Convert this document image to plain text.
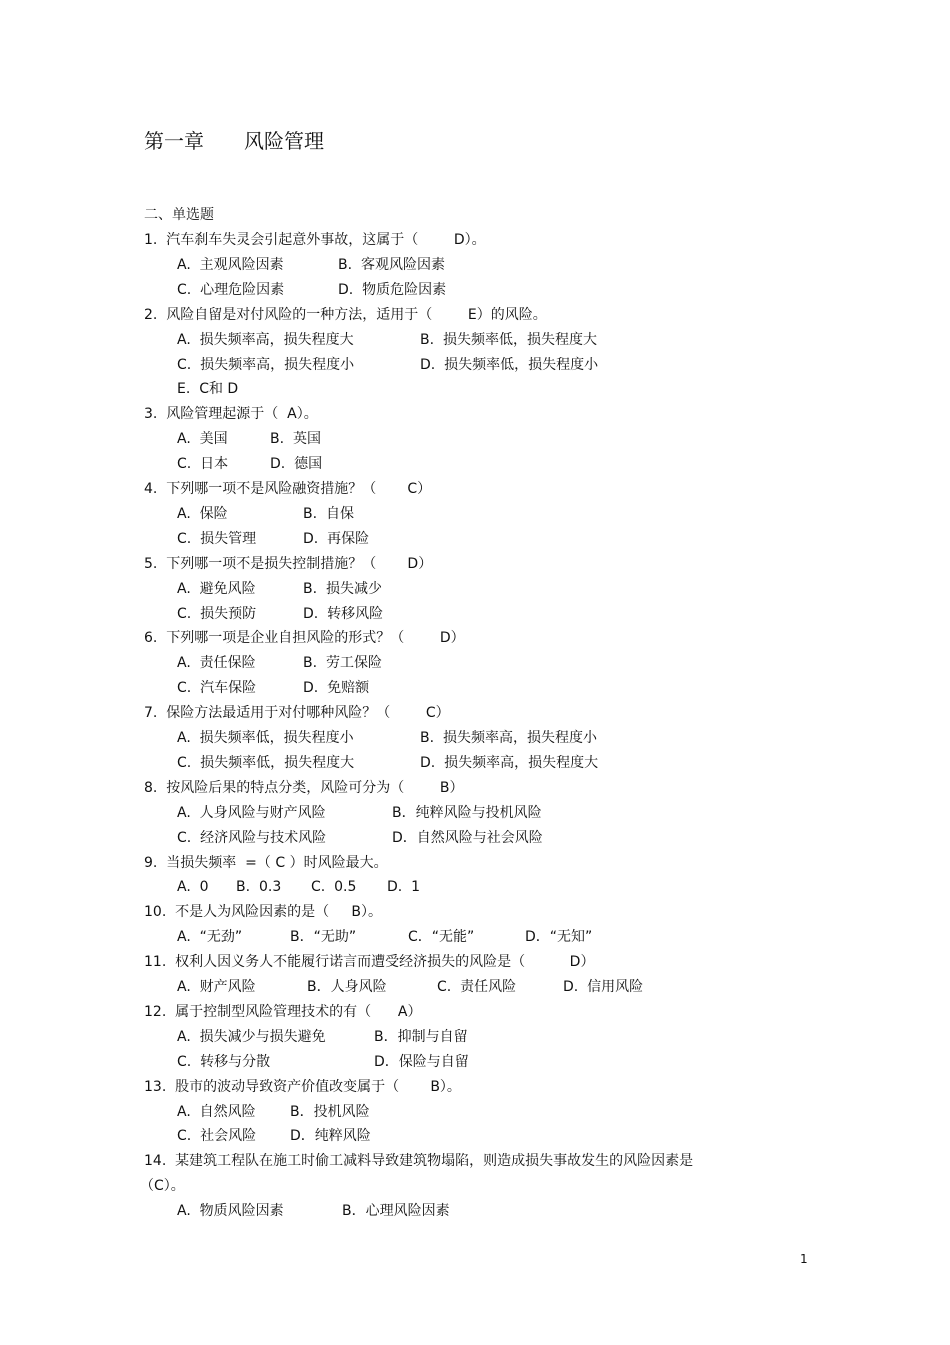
第一章 风险管理
二、单选题
1.  汽车刹车失灵会引起意外事故，这属于（        D）。
A.  主观风险因素	B.  客观风险因素
C.  心理危险因素	D.  物质危险因素
2.  风险自留是对付风险的一种方法，适用于（        E）的风险。
A.  损失频率高，损失程度大	B.  损失频率低，损失程度大
C.  损失频率高，损失程度小	D.  损失频率低，损失程度小
E.  C和 D
3.  风险管理起源于（  A）。
A.  美国	B.  英国
C.  日本	D.  德国
4.  下列哪一项不是风险融资措施？（       C）
A.  保险	B.  自保
C.  损失管理	D.  再保险
5.  下列哪一项不是损失控制措施？（       D）
A.  避免风险	B.  损失减少
C.  损失预防	D.  转移风险
6.  下列哪一项是企业自担风险的形式？（        D）
A.  责任保险	B.  劳工保险
C.  汽车保险	D.  免赔额
7.  保险方法最适用于对付哪种风险？（        C）
A.  损失频率低，损失程度小	B.  损失频率高，损失程度小
C.  损失频率低，损失程度大	D.  损失频率高，损失程度大
8.  按风险后果的特点分类，风险可分为（        B）
A.  人身风险与财产风险	B．纯粹风险与投机风险
C.  经济风险与技术风险	D．自然风险与社会风险
9.  当损失频率  =（ C ）时风险最大。
A.  0 B.  0.3 C.  0.5 D.  1
10.  不是人为风险因素的是（     B）。
A.  “无劲”	B．“无助”	C．“无能”	D．“无知”
11.  权利人因义务人不能履行诺言而遭受经济损失的风险是（          D）
A.  财产风险	B．人身风险	C.  责任风险	D.  信用风险
12.  属于控制型风险管理技术的有（      A）
A.  损失减少与损失避免	B．抑制与自留
C.  转移与分散	D．保险与自留
13.  股市的波动导致资产价值改变属于（       B）。
A.  自然风险 B．投机风险
C.  社会风险 D．纯粹风险
14.  某建筑工程队在施工时偷工减料导致建筑物塌陷，则造成损失事故发生的风险因素是
（C）。
A.  物质风险因素	B．心理风险因素
1
